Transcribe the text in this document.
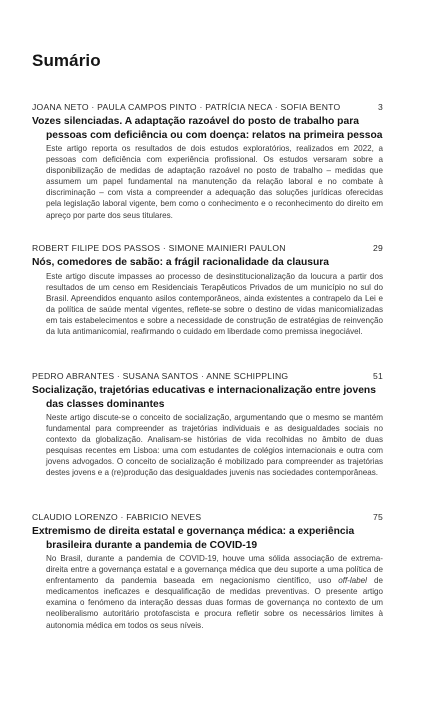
Sumário
JOANA NETO · PAULA CAMPOS PINTO · PATRÍCIA NECA · SOFIA BENTO	3
Vozes silenciadas. A adaptação razoável do posto de trabalho para pessoas com deficiência ou com doença: relatos na primeira pessoa
Este artigo reporta os resultados de dois estudos exploratórios, realizados em 2022, a pessoas com deficiência com experiência profissional. Os estudos versaram sobre a disponibilização de medidas de adaptação razoável no posto de trabalho – medidas que assumem um papel fundamental na manutenção da relação laboral e no combate à discriminação – com vista a compreender a adequação das soluções jurídicas oferecidas pela legislação laboral vigente, bem como o conhecimento e o reconhecimento do direito em apreço por parte dos seus titulares.
ROBERT FILIPE DOS PASSOS · SIMONE MAINIERI PAULON	29
Nós, comedores de sabão: a frágil racionalidade da clausura
Este artigo discute impasses ao processo de desinstitucionalização da loucura a partir dos resultados de um censo em Residenciais Terapêuticos Privados de um município no sul do Brasil. Apreendidos enquanto asilos contemporâneos, ainda existentes a contrapelo da Lei e da política de saúde mental vigentes, reflete-se sobre o destino de vidas manicomializadas em tais estabelecimentos e sobre a necessidade de construção de estratégias de reinvenção da luta antimanicomial, reafirmando o cuidado em liberdade como premissa inegociável.
PEDRO ABRANTES · SUSANA SANTOS · ANNE SCHIPPLING	51
Socialização, trajetórias educativas e internacionalização entre jovens das classes dominantes
Neste artigo discute-se o conceito de socialização, argumentando que o mesmo se mantém fundamental para compreender as trajetórias individuais e as desigualdades sociais no contexto da globalização. Analisam-se histórias de vida recolhidas no âmbito de duas pesquisas recentes em Lisboa: uma com estudantes de colégios internacionais e outra com jovens advogados. O conceito de socialização é mobilizado para compreender as trajetórias destes jovens e a (re)produção das desigualdades juvenis nas sociedades contemporâneas.
CLAUDIO LORENZO · FABRICIO NEVES	75
Extremismo de direita estatal e governança médica: a experiência brasileira durante a pandemia de COVID-19
No Brasil, durante a pandemia de COVID-19, houve uma sólida associação de extrema-direita entre a governança estatal e a governança médica que deu suporte a uma política de enfrentamento da pandemia baseada em negacionismo científico, uso off-label de medicamentos ineficazes e desqualificação de medidas preventivas. O presente artigo examina o fenómeno da interação dessas duas formas de governança no contexto de um neoliberalismo autoritário protofascista e procura refletir sobre os necessários limites à autonomia médica em todos os seus níveis.
